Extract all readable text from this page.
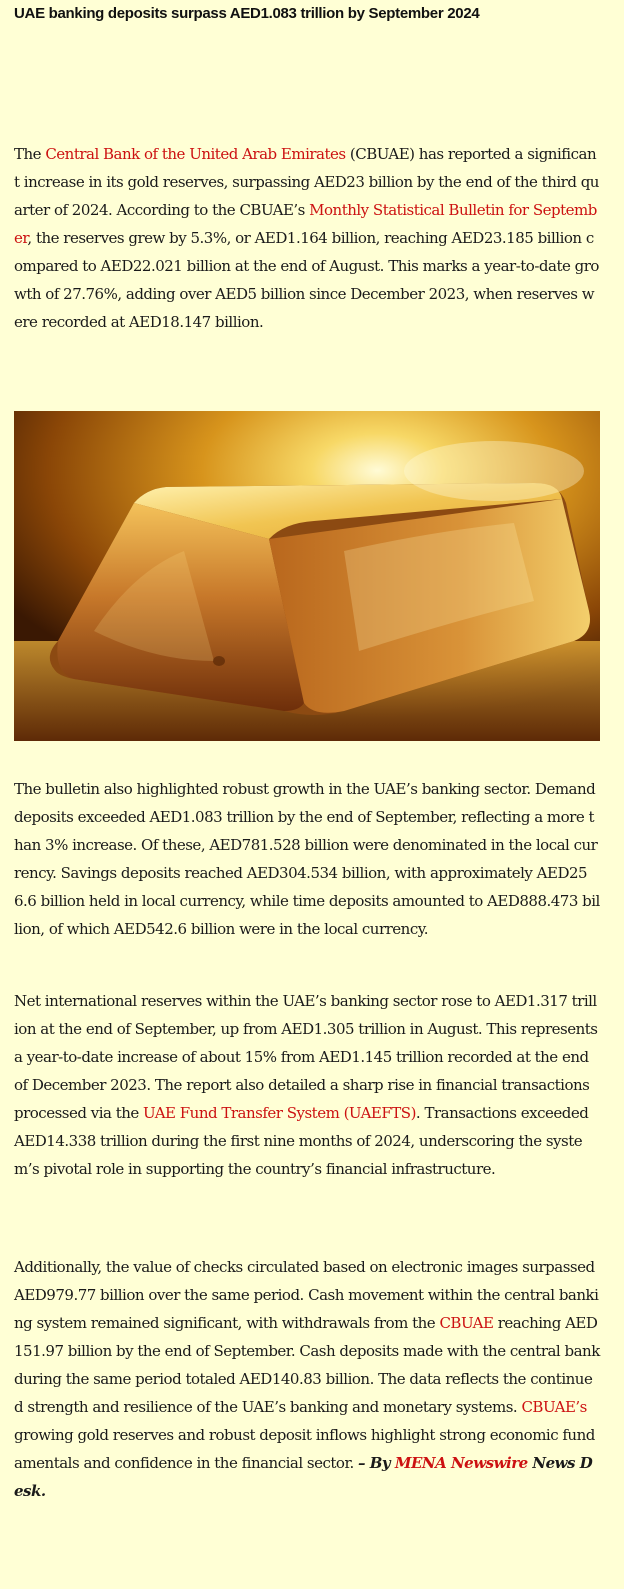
UAE banking deposits surpass AED1.083 trillion by September 2024

The Central Bank of the United Arab Emirates (CBUAE) has reported a significant increase in its gold reserves, surpassing AED23 billion by the end of the third quarter of 2024. According to the CBUAE’s Monthly Statistical Bulletin for September, the reserves grew by 5.3%, or AED1.164 billion, reaching AED23.185 billion compared to AED22.021 billion at the end of August. This marks a year-to-date growth of 27.76%, adding over AED5 billion since December 2023, when reserves were recorded at AED18.147 billion.

The bulletin also highlighted robust growth in the UAE’s banking sector. Demand deposits exceeded AED1.083 trillion by the end of September, reflecting a more than 3% increase. Of these, AED781.528 billion were denominated in the local currency. Savings deposits reached AED304.534 billion, with approximately AED256.6 billion held in local currency, while time deposits amounted to AED888.473 billion, of which AED542.6 billion were in the local currency.

Net international reserves within the UAE’s banking sector rose to AED1.317 trillion at the end of September, up from AED1.305 trillion in August. This represents a year-to-date increase of about 15% from AED1.145 trillion recorded at the end of December 2023. The report also detailed a sharp rise in financial transactions processed via the UAE Fund Transfer System (UAEFTS). Transactions exceeded AED14.338 trillion during the first nine months of 2024, underscoring the system’s pivotal role in supporting the country’s financial infrastructure.

Additionally, the value of checks circulated based on electronic images surpassed AED979.77 billion over the same period. Cash movement within the central banking system remained significant, with withdrawals from the CBUAE reaching AED151.97 billion by the end of September. Cash deposits made with the central bank during the same period totaled AED140.83 billion. The data reflects the continued strength and resilience of the UAE’s banking and monetary systems. CBUAE’s growing gold reserves and robust deposit inflows highlight strong economic fundamentals and confidence in the financial sector. – By MENA Newswire News Desk.
